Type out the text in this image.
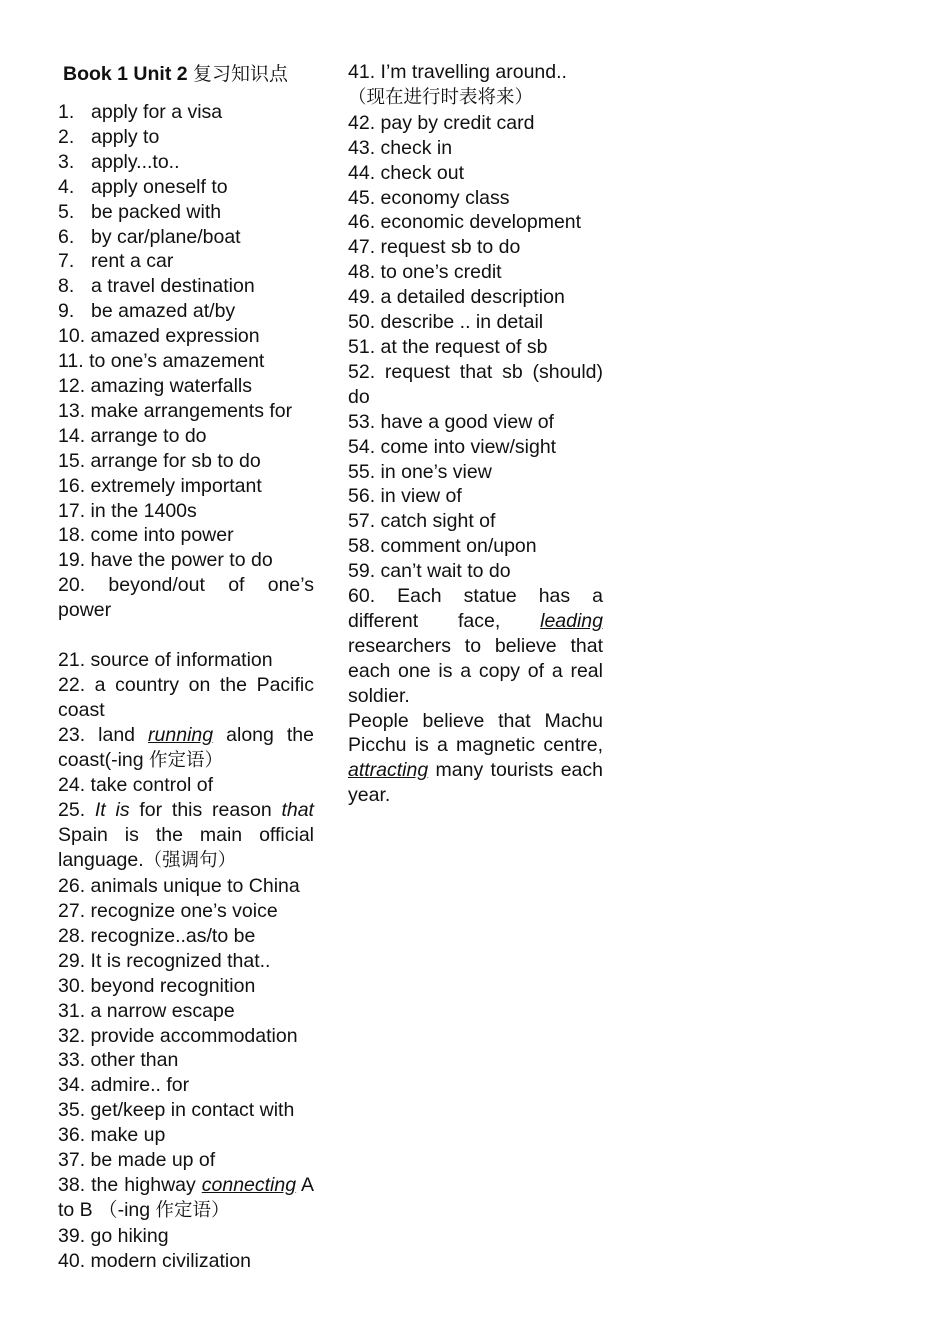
Book 1 Unit 2 复习知识点
1. apply for a visa
2. apply to
3. apply...to..
4. apply oneself to
5. be packed with
6. by car/plane/boat
7. rent a car
8. a travel destination
9. be amazed at/by
10. amazed expression
11. to one’s amazement
12. amazing waterfalls
13. make arrangements for
14. arrange to do
15. arrange for sb to do
16. extremely important
17. in the 1400s
18. come into power
19. have the power to do
20. beyond/out of one’s power
21. source of information
22. a country on the Pacific coast
23. land running along the coast(-ing 作定语）
24. take control of
25. It is for this reason that Spain is the main official language.（强调句）
26. animals unique to China
27. recognize one’s voice
28. recognize..as/to be
29. It is recognized that..
30. beyond recognition
31. a narrow escape
32. provide accommodation
33. other than
34. admire.. for
35. get/keep in contact with
36. make up
37. be made up of
38. the highway connecting A to B （-ing 作定语）
39. go hiking
40. modern civilization
41. I’m travelling around..
（现在进行时表将来）
42. pay by credit card
43. check in
44. check out
45. economy class
46. economic development
47. request sb to do
48. to one’s credit
49. a detailed description
50. describe .. in detail
51. at the request of sb
52. request that sb (should) do
53. have a good view of
54. come into view/sight
55. in one’s view
56. in view of
57. catch sight of
58. comment on/upon
59. can’t wait to do
60. Each statue has a different face, leading researchers to believe that each one is a copy of a real soldier.
People believe that Machu Picchu is a magnetic centre, attracting many tourists each year.
